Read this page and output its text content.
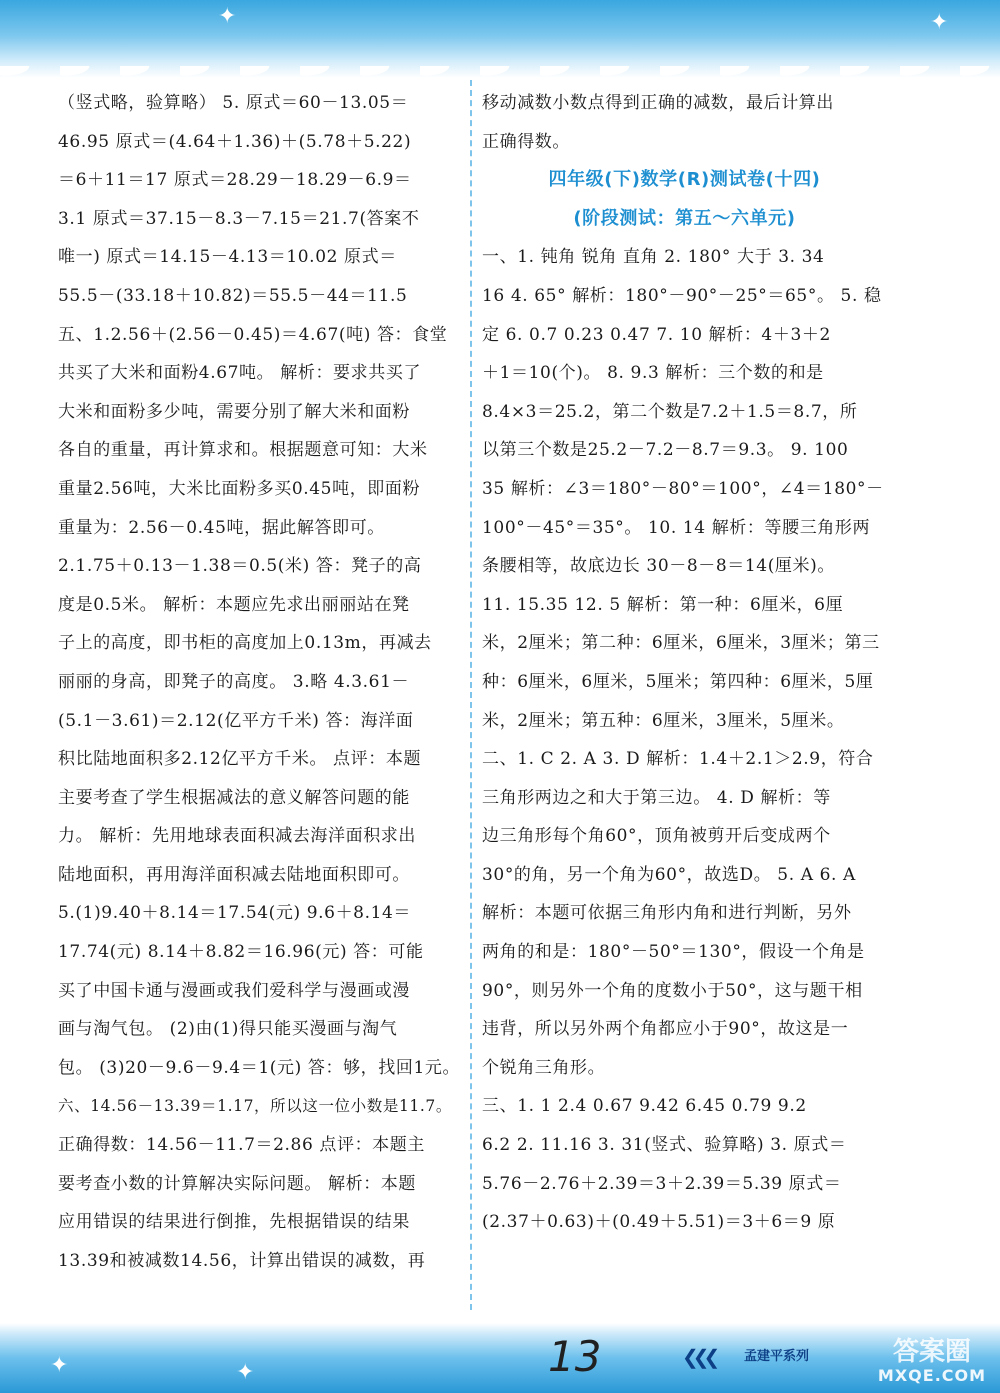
✦	✦
（竖式略，验算略） 5. 原式＝60－13.05＝
46.95 原式＝(4.64＋1.36)＋(5.78＋5.22)
＝6＋11＝17 原式＝28.29－18.29－6.9＝
3.1 原式＝37.15－8.3－7.15＝21.7(答案不
唯一) 原式＝14.15－4.13＝10.02 原式＝
55.5－(33.18＋10.82)＝55.5－44＝11.5
五、1.2.56＋(2.56－0.45)＝4.67(吨) 答：食堂
共买了大米和面粉4.67吨。 解析：要求共买了
大米和面粉多少吨，需要分别了解大米和面粉
各自的重量，再计算求和。根据题意可知：大米
重量2.56吨，大米比面粉多买0.45吨，即面粉
重量为：2.56－0.45吨，据此解答即可。
2.1.75＋0.13－1.38＝0.5(米) 答：凳子的高
度是0.5米。 解析：本题应先求出丽丽站在凳
子上的高度，即书柜的高度加上0.13m，再减去
丽丽的身高，即凳子的高度。 3.略 4.3.61－
(5.1－3.61)＝2.12(亿平方千米) 答：海洋面
积比陆地面积多2.12亿平方千米。 点评：本题
主要考查了学生根据减法的意义解答问题的能
力。 解析：先用地球表面积减去海洋面积求出
陆地面积，再用海洋面积减去陆地面积即可。
5.(1)9.40＋8.14＝17.54(元) 9.6＋8.14＝
17.74(元) 8.14＋8.82＝16.96(元) 答：可能
买了中国卡通与漫画或我们爱科学与漫画或漫
画与淘气包。 (2)由(1)得只能买漫画与淘气
包。 (3)20－9.6－9.4＝1(元) 答：够，找回1元。
六、14.56－13.39＝1.17，所以这一位小数是11.7。
正确得数：14.56－11.7＝2.86 点评：本题主
要考查小数的计算解决实际问题。 解析：本题
应用错误的结果进行倒推，先根据错误的结果
13.39和被减数14.56，计算出错误的减数，再
移动减数小数点得到正确的减数，最后计算出
正确得数。
四年级(下)数学(R)测试卷(十四)
(阶段测试：第五～六单元)
一、1. 钝角 锐角 直角 2. 180° 大于 3. 34
16 4. 65° 解析：180°－90°－25°＝65°。 5. 稳
定 6. 0.7 0.23 0.47 7. 10 解析：4＋3＋2
＋1＝10(个)。 8. 9.3 解析：三个数的和是
8.4×3＝25.2，第二个数是7.2＋1.5＝8.7，所
以第三个数是25.2－7.2－8.7＝9.3。 9. 100
35 解析：∠3＝180°－80°＝100°，∠4＝180°－
100°－45°＝35°。 10. 14 解析：等腰三角形两
条腰相等，故底边长 30－8－8＝14(厘米)。
11. 15.35 12. 5 解析：第一种：6厘米，6厘
米，2厘米；第二种：6厘米，6厘米，3厘米；第三
种：6厘米，6厘米，5厘米；第四种：6厘米，5厘
米，2厘米；第五种：6厘米，3厘米，5厘米。
二、1. C 2. A 3. D 解析：1.4＋2.1＞2.9，符合
三角形两边之和大于第三边。 4. D 解析：等
边三角形每个角60°，顶角被剪开后变成两个
30°的角，另一个角为60°，故选D。 5. A 6. A
解析：本题可依据三角形内角和进行判断，另外
两角的和是：180°－50°＝130°，假设一个角是
90°，则另外一个角的度数小于50°，这与题干相
违背，所以另外两个角都应小于90°，故这是一
个锐角三角形。
三、1. 1 2.4 0.67 9.42 6.45 0.79 9.2
6.2 2. 11.16 3. 31(竖式、验算略) 3. 原式＝
5.76－2.76＋2.39＝3＋2.39＝5.39 原式＝
(2.37＋0.63)＋(0.49＋5.51)＝3＋6＝9 原
✦	✦	13	❮❮❮ 孟建平系列	答案圈
MXQE.COM
